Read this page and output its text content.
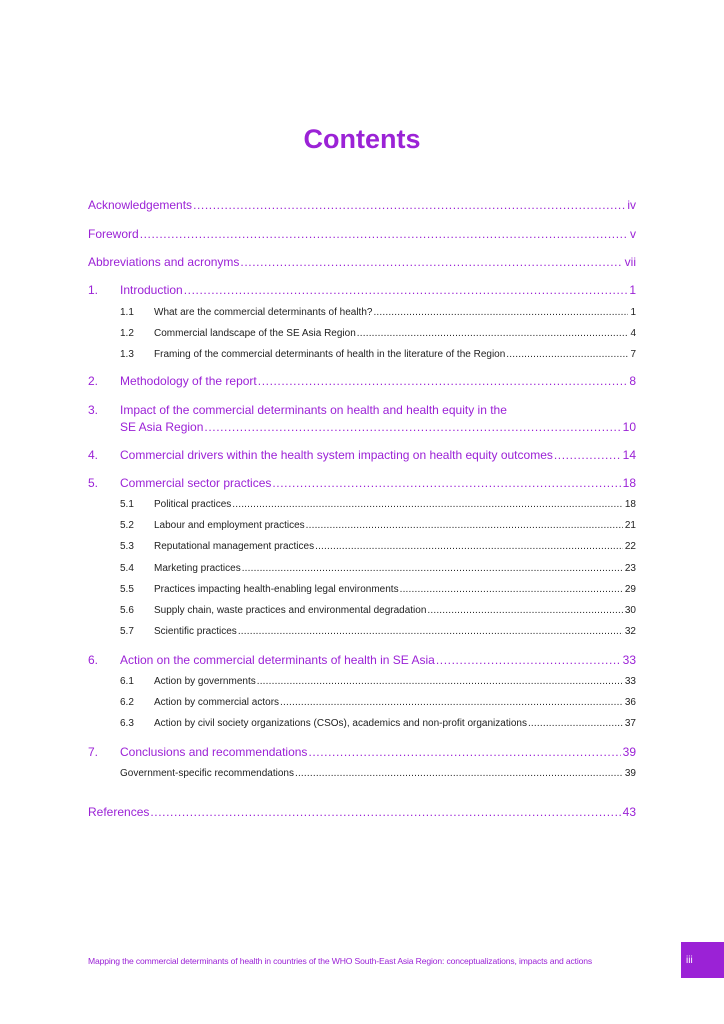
Contents
Acknowledgements .....	iv
Foreword .....	v
Abbreviations and acronyms .....	vii
1.	Introduction .....	1
1.1	What are the commercial determinants of health? .....	1
1.2	Commercial landscape of the SE Asia Region .....	4
1.3	Framing of the commercial determinants of health in the literature of the Region .....	7
2.	Methodology of the report .....	8
3. Impact of the commercial determinants on health and health equity in the
SE Asia Region .....	10
4.	Commercial drivers within the health system impacting on health equity outcomes .....	14
5.	Commercial sector practices .....	18
5.1	Political practices .....	18
5.2	Labour and employment practices .....	21
5.3	Reputational management practices .....	22
5.4	Marketing practices .....	23
5.5	Practices impacting health-enabling legal environments .....	29
5.6	Supply chain, waste practices and environmental degradation .....	30
5.7	Scientific practices .....	32
6.	Action on the commercial determinants of health in SE Asia .....	33
6.1	Action by governments .....	33
6.2	Action by commercial actors .....	36
6.3	Action by civil society organizations (CSOs), academics and non-profit organizations .....	37
7.	Conclusions and recommendations .....	39
Government-specific recommendations .....	39
References .....	43
Mapping the commercial determinants of health in countries of the WHO South-East Asia Region: conceptualizations, impacts and actions	iii
